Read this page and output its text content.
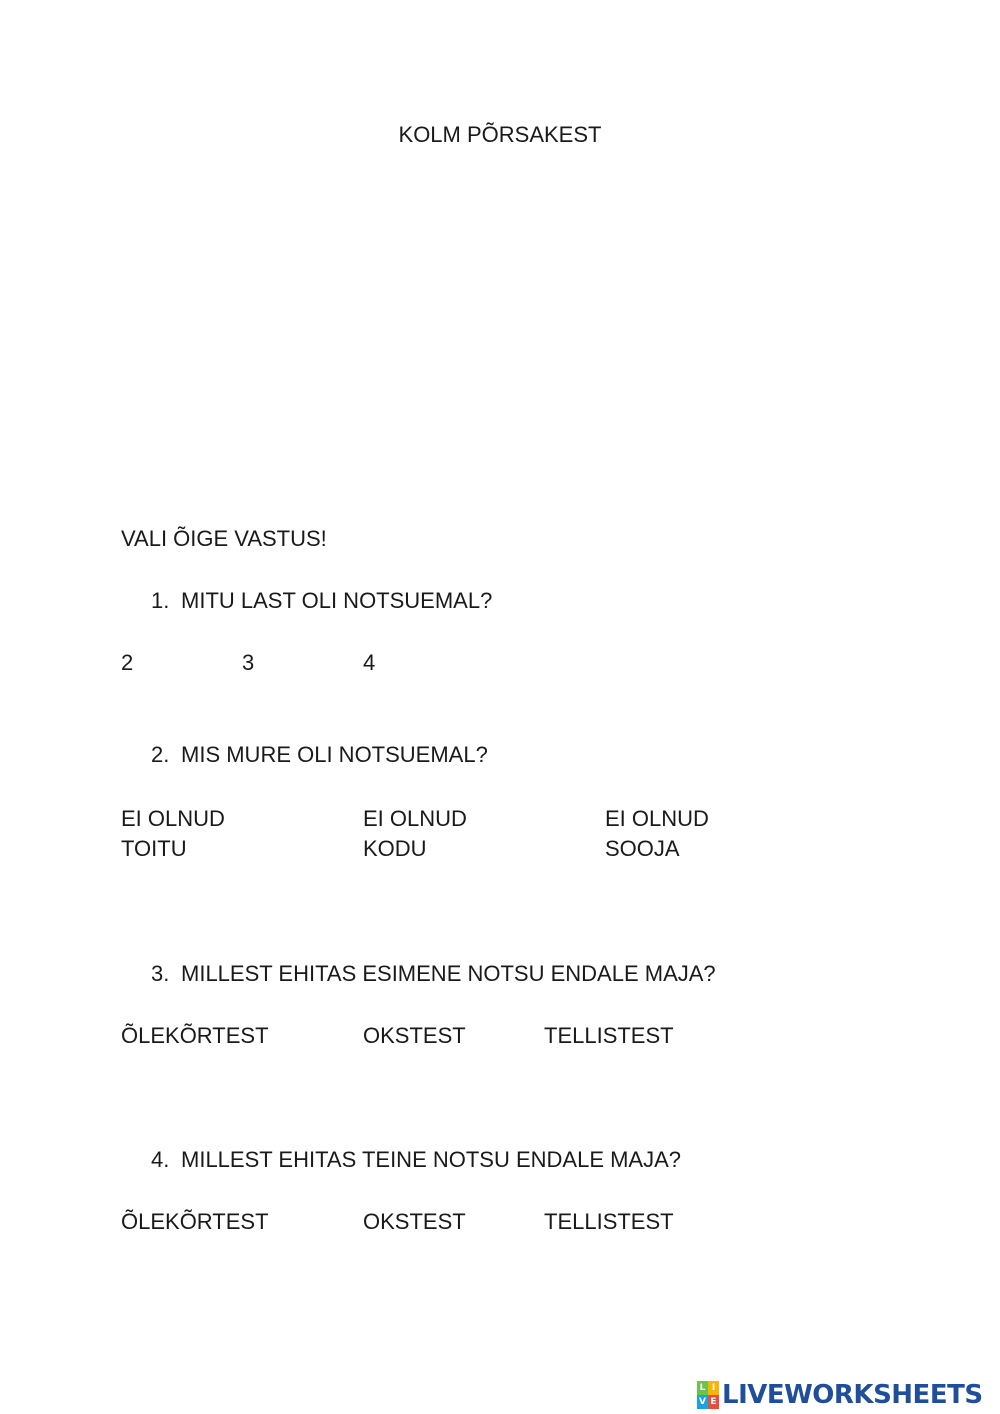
KOLM PÕRSAKEST

VALI ÕIGE VASTUS!

1. MITU LAST OLI NOTSUEMAL?

2	3	4

2. MIS MURE OLI NOTSUEMAL?

EI OLNUD
TOITU
EI OLNUD
KODU
EI OLNUD
SOOJA

3. MILLEST EHITAS ESIMENE NOTSU ENDALE MAJA?

ÕLEKÕRTEST	OKSTEST	TELLISTEST

4. MILLEST EHITAS TEINE NOTSU ENDALE MAJA?

ÕLEKÕRTEST	OKSTEST	TELLISTEST

L I
V E LIVEWORKSHEETS
